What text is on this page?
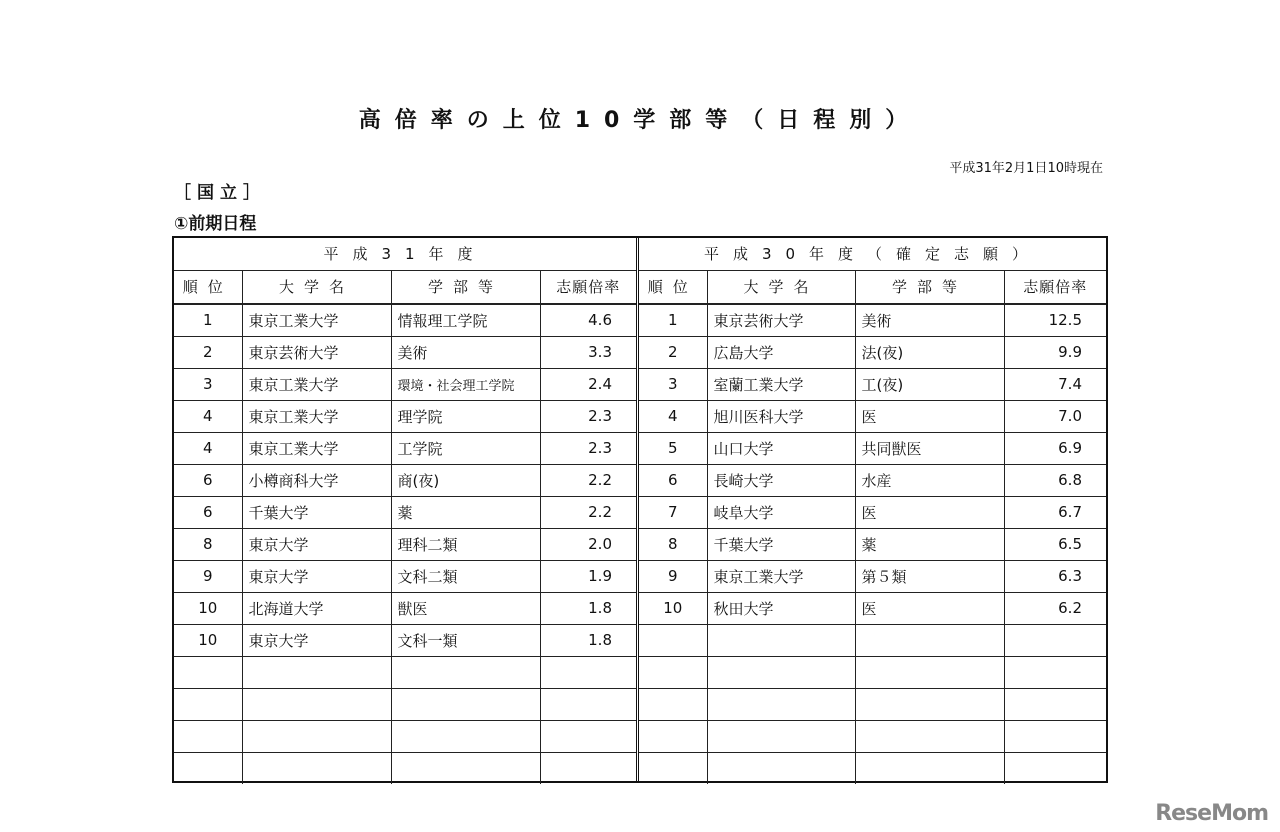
高倍率の上位10学部等（日程別）
平成31年2月1日10時現在
［国立］
①前期日程
平成31年度			
順位	大学名	学部等	志願倍率
1	東京工業大学	情報理工学院	4.6
2	東京芸術大学	美術	3.3
3	東京工業大学	環境・社会理工学院	2.4
4	東京工業大学	理学院	2.3
4	東京工業大学	工学院	2.3
6	小樽商科大学	商(夜)	2.2
6	千葉大学	薬	2.2
8	東京大学	理科二類	2.0
9	東京大学	文科二類	1.9
10	北海道大学	獣医	1.8
10	東京大学	文科一類	1.8

平成30年度（確定志願）			
順位	大学名	学部等	志願倍率
1	東京芸術大学	美術	12.5
2	広島大学	法(夜)	9.9
3	室蘭工業大学	工(夜)	7.4
4	旭川医科大学	医	7.0
5	山口大学	共同獣医	6.9
6	長崎大学	水産	6.8
7	岐阜大学	医	6.7
8	千葉大学	薬	6.5
9	東京工業大学	第５類	6.3
10	秋田大学	医	6.2

ReseMom
